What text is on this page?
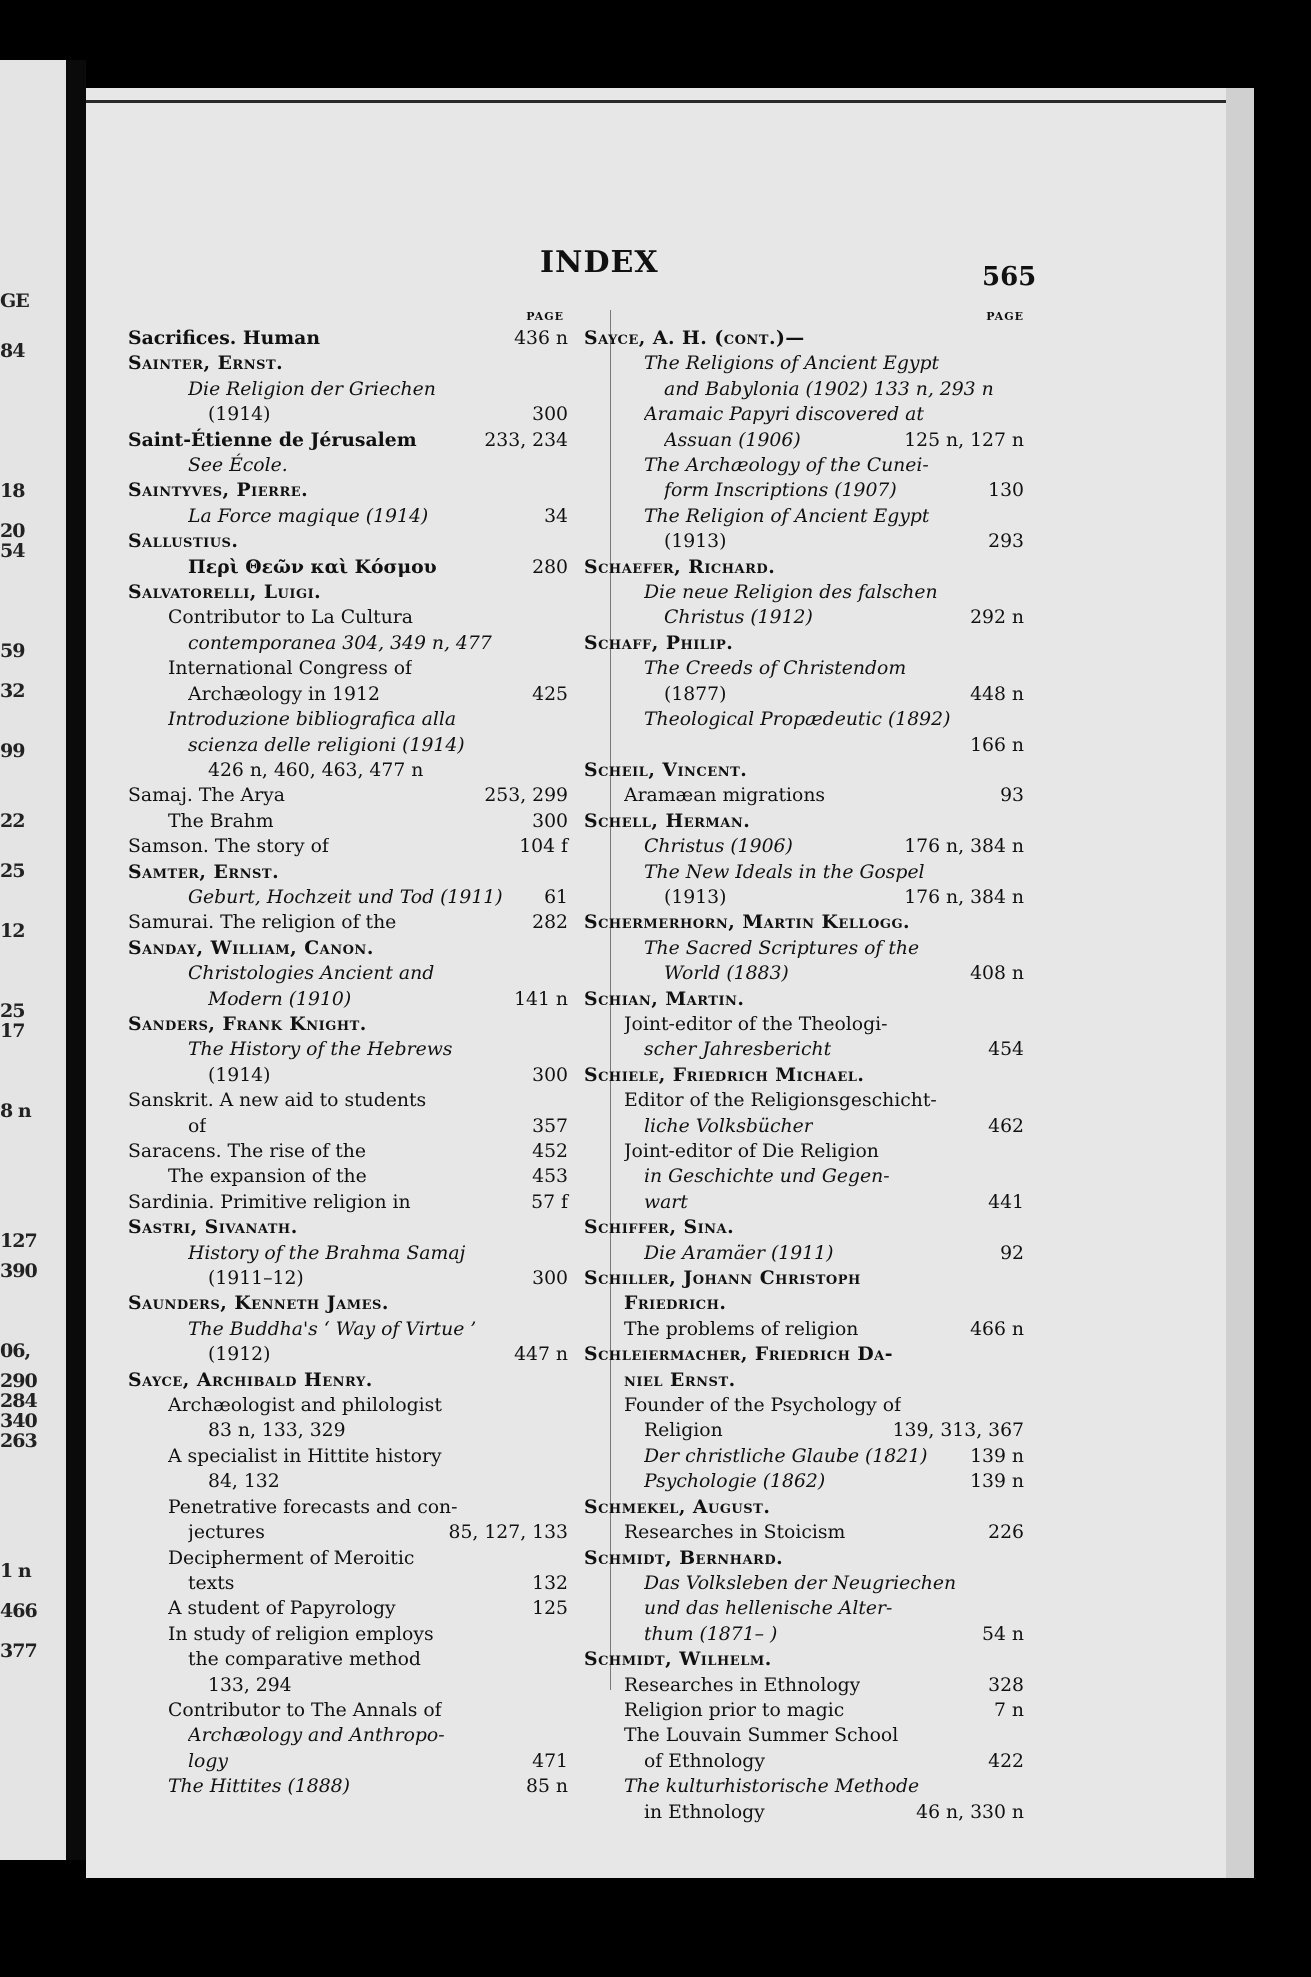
GE
84
18
20
54
59
32
99
22
25
12
25
17
8 n
127
390
06,
290
284
340
263
1 n
466
377
INDEX	565
PAGE
Sacrifices. Human	436 n
Sainter, Ernst.
Die Religion der Griechen
(1914)	300
Saint-Étienne de Jérusalem	233, 234
See École.
Saintyves, Pierre.
La Force magique (1914)	34
Sallustius.
Περὶ Θεῶν καὶ Κόσμου	280
Salvatorelli, Luigi.
Contributor to La Cultura
contemporanea 304, 349 n, 477
International Congress of
Archæology in 1912	425
Introduzione bibliografica alla
scienza delle religioni (1914)
426 n, 460, 463, 477 n
Samaj. The Arya	253, 299
The Brahm	300
Samson. The story of	104 f
Samter, Ernst.
Geburt, Hochzeit und Tod (1911)	61
Samurai. The religion of the	282
Sanday, William, Canon.
Christologies Ancient and
Modern (1910)	141 n
Sanders, Frank Knight.
The History of the Hebrews
(1914)	300
Sanskrit. A new aid to students
of	357
Saracens. The rise of the	452
The expansion of the	453
Sardinia. Primitive religion in	57 f
Sastri, Sivanath.
History of the Brahma Samaj
(1911–12)	300
Saunders, Kenneth James.
The Buddha's ‘ Way of Virtue ’
(1912)	447 n
Sayce, Archibald Henry.
Archæologist and philologist
83 n, 133, 329
A specialist in Hittite history
84, 132
Penetrative forecasts and con-
jectures	85, 127, 133
Decipherment of Meroitic
texts	132
A student of Papyrology	125
In study of religion employs
the comparative method
133, 294
Contributor to The Annals of
Archæology and Anthropo-
logy	471
The Hittites (1888)	85 n
PAGE
Sayce, A. H. (cont.)—
The Religions of Ancient Egypt
and Babylonia (1902) 133 n, 293 n
Aramaic Papyri discovered at
Assuan (1906)	125 n, 127 n
The Archæology of the Cunei-
form Inscriptions (1907)	130
The Religion of Ancient Egypt
(1913)	293
Schaefer, Richard.
Die neue Religion des falschen
Christus (1912)	292 n
Schaff, Philip.
The Creeds of Christendom
(1877)	448 n
Theological Propædeutic (1892)
166 n
Scheil, Vincent.
Aramæan migrations	93
Schell, Herman.
Christus (1906)	176 n, 384 n
The New Ideals in the Gospel
(1913)	176 n, 384 n
Schermerhorn, Martin Kellogg.
The Sacred Scriptures of the
World (1883)	408 n
Schian, Martin.
Joint-editor of the Theologi-
scher Jahresbericht	454
Schiele, Friedrich Michael.
Editor of the Religionsgeschicht-
liche Volksbücher	462
Joint-editor of Die Religion
in Geschichte und Gegen-
wart	441
Schiffer, Sina.
Die Aramäer (1911)	92
Schiller, Johann Christoph
Friedrich.
The problems of religion	466 n
Schleiermacher, Friedrich Da-
niel Ernst.
Founder of the Psychology of
Religion	139, 313, 367
Der christliche Glaube (1821)	139 n
Psychologie (1862)	139 n
Schmekel, August.
Researches in Stoicism	226
Schmidt, Bernhard.
Das Volksleben der Neugriechen
und das hellenische Alter-
thum (1871– )	54 n
Schmidt, Wilhelm.
Researches in Ethnology	328
Religion prior to magic	7 n
The Louvain Summer School
of Ethnology	422
The kulturhistorische Methode
in Ethnology	46 n, 330 n
